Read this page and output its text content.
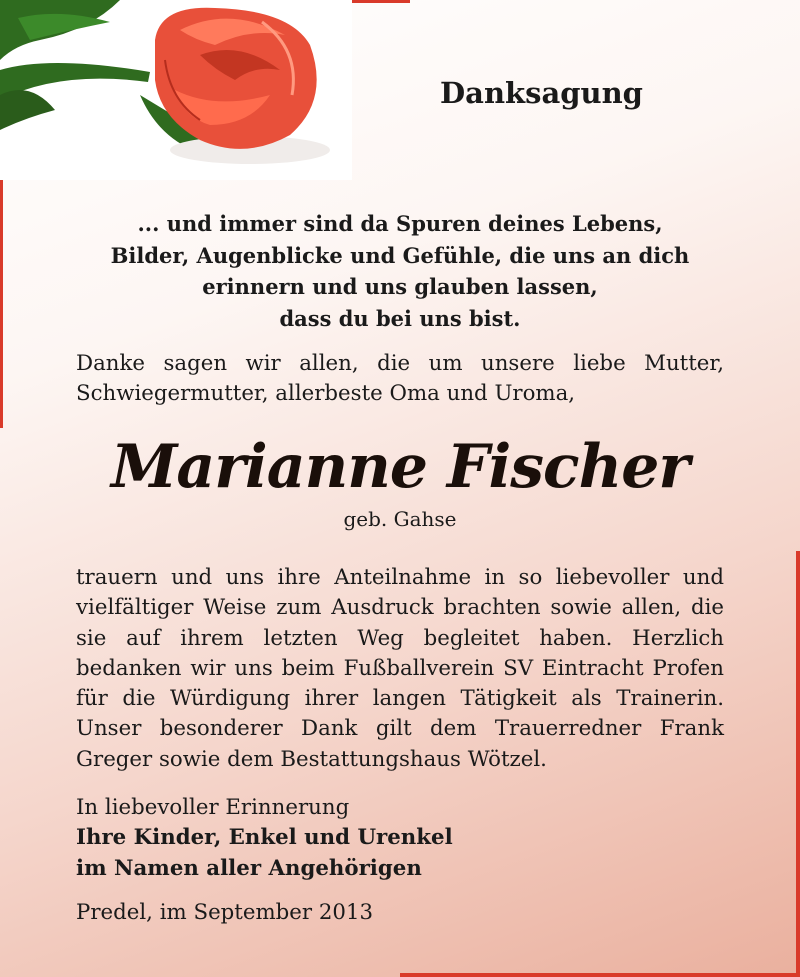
Danksagung
... und immer sind da Spuren deines Lebens,
Bilder, Augenblicke und Gefühle, die uns an dich
erinnern und uns glauben lassen,
dass du bei uns bist.
Danke sagen wir allen, die um unsere liebe Mutter, Schwiegermutter, allerbeste Oma und Uroma,
Marianne Fischer
geb. Gahse
trauern und uns ihre Anteilnahme in so liebevoller und vielfältiger Weise zum Ausdruck brachten sowie allen, die sie auf ihrem letzten Weg begleitet haben. Herzlich bedanken wir uns beim Fußballverein SV Eintracht Profen für die Würdigung ihrer langen Tätigkeit als Trainerin. Unser besonderer Dank gilt dem Trauerredner Frank Greger sowie dem Bestattungshaus Wötzel.
In liebevoller Erinnerung
Ihre Kinder, Enkel und Urenkel
im Namen aller Angehörigen
Predel, im September 2013
